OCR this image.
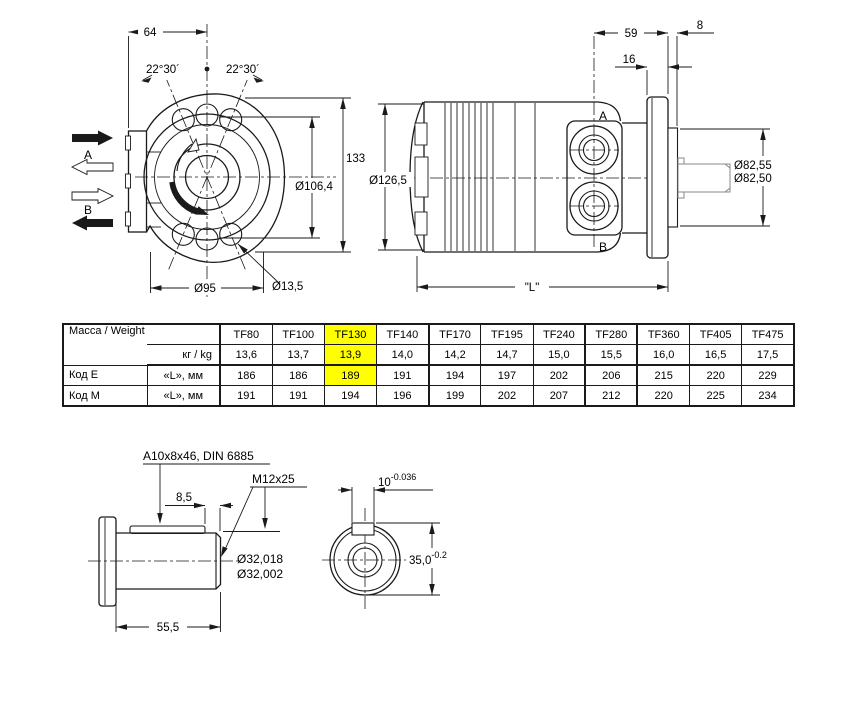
A
B
64
22°30´	22°30´
133
Ø106,4
Ø95	Ø13,5
A
B
59
8
16
Ø126,5
Ø82,55
Ø82,50
"L"
Масса / Weight		TF80	TF100	TF130	TF140	TF170	TF195	TF240	TF280	TF360	TF405	TF475
	кг / kg	13,6	13,7	13,9	14,0	14,2	14,7	15,0	15,5	16,0	16,5	17,5
Код E	«L», мм	186	186	189	191	194	197	202	206	215	220	229
Код M	«L», мм	191	191	194	196	199	202	207	212	220	225	234
A10x8x46, DIN 6885
M12x25
8,5
Ø32,018
Ø32,002
55,5
$10^{-0.036}$
$35,0^{-0.2}$
